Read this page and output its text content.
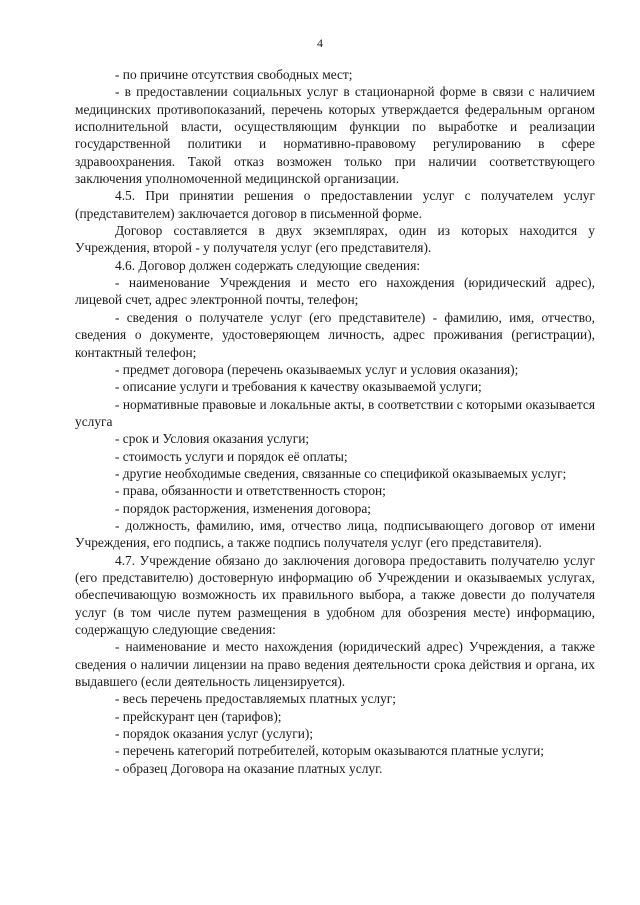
4

- по причине отсутствия свободных мест;

- в предоставлении социальных услуг в стационарной форме в связи с наличием медицинских противопоказаний, перечень которых утверждается федеральным органом исполнительной власти, осуществляющим функции по выработке и реализации государственной политики и нормативно-правовому регулированию в сфере здравоохранения. Такой отказ возможен только при наличии соответствующего заключения уполномоченной медицинской организации.

4.5. При принятии решения о предоставлении услуг с получателем услуг (представителем) заключается договор в письменной форме.

Договор составляется в двух экземплярах, один из которых находится у Учреждения, второй - у получателя услуг (его представителя).

4.6. Договор должен содержать следующие сведения:

- наименование Учреждения и место его нахождения (юридический адрес), лицевой счет, адрес электронной почты, телефон;

- сведения о получателе услуг (его представителе) - фамилию, имя, отчество, сведения о документе, удостоверяющем личность, адрес проживания (регистрации), контактный телефон;

- предмет договора (перечень оказываемых услуг и условия оказания);

- описание услуги и требования к качеству оказываемой услуги;

- нормативные правовые и локальные акты, в соответствии с которыми оказывается услуга

- срок и Условия оказания услуги;

- стоимость услуги и порядок её оплаты;

- другие необходимые сведения, связанные со спецификой оказываемых услуг;

- права, обязанности и ответственность сторон;

- порядок расторжения, изменения договора;

- должность, фамилию, имя, отчество лица, подписывающего договор от имени Учреждения, его подпись, а также подпись получателя услуг (его представителя).

4.7. Учреждение обязано до заключения договора предоставить получателю услуг (его представителю) достоверную информацию об Учреждении и оказываемых услугах, обеспечивающую возможность их правильного выбора, а также довести до получателя услуг (в том числе путем размещения в удобном для обозрения месте) информацию, содержащую следующие сведения:

- наименование и место нахождения (юридический адрес) Учреждения, а также сведения о наличии лицензии на право ведения деятельности срока действия и органа, их выдавшего (если деятельность лицензируется).

- весь перечень предоставляемых платных услуг;

- прейскурант цен (тарифов);

- порядок оказания услуг (услуги);

- перечень категорий потребителей, которым оказываются платные услуги;

- образец Договора на оказание платных услуг.
